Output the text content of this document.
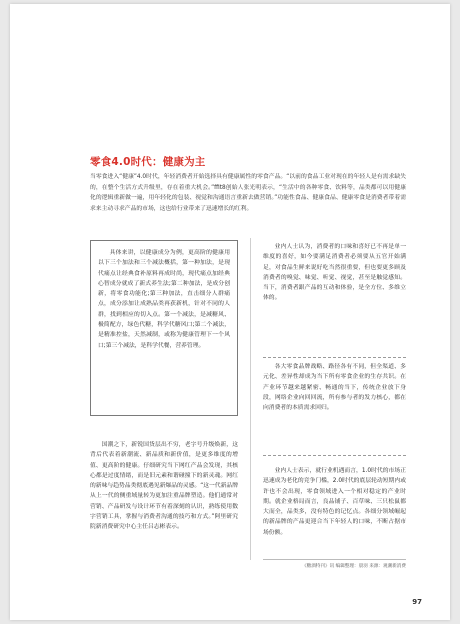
零食4.0时代：健康为主
当零食进入“健康”4.0时代，年轻消费者开始选择具有健康属性的零食产品。“以前的食品工业对现在的年轻人是有需求缺失的，在整个生活方式升级里，存在着重大机会。”ffit8创始人张光明表示，“生活中的各种零食、饮料等，品类都可以用健康化的逻辑重新做一遍，用年轻化的包装、视觉和沟通语言重新去做营销。”功能性食品、健康食品、健康零食是消费者带着需求来主动寻求产品的市场，这也给行业带来了迅速增长的红利。

具体来讲，以健康成分为例，更高阶的健康用以下三个加法和三个减法概括，第一种加法，是现代痛点让经典食补原料再成时尚，现代痛点加经典心智成分就成了新式养生法;第二种加法，是成分创新，将零食功能化;第三种加法，直击细分人群痛点，成分添加让成熟品类再获新机，针对不同的人群，找到相应的切入点。第一个减法，是减糖风、极简配方，绿色代糖，科学代糖风口;第二个减法，是精准控盐，天然减制，或称为健康管理下一个风口;第三个减法，是科学代餐，营养管理。

国潮之下，新锐国货层出不穷，老字号升级焕新，这背后代表着新潮流、新品质和新价值，是更多维度的增值、更高阶的健康。仔细研究当下网红产品会发现，其核心都是过度情绪，而是旧元素和谐碰撞下的新灵魂。网红的新味与趋势品类彻底遇见新爆品的灵感。“这一代新品牌从上一代的侧重域量转为更加注重品牌塑造。他们通常对营销、产品研发与设计环节有着深刻的认识，熟练使用数字营销工具，掌握与消费者沟通的技巧和方式。”阿里研究院新消费研究中心主任吕志彬表示。

业内人士认为，消费者的口味和喜好已不再是单一维度的喜好，如今要满足消费者必须要从五官开始满足，对食品生鲜来说好吃当然很重要，但也要更多顾及消费者的嗅觉、味觉、听觉、视觉，甚至是触觉感知。当下，消费者跟产品的互动和体验，是全方位、多维立体的。

各大零食品牌战略、路径各有不同，但全渠道、多元化、差异性却成为当下所有零食企业的生存共识。在产业环节越来越紧密、畅通的当下，传统企业放下身段，网络企业向回回流，所有参与者的发力核心，都在向消费者的本质需求回归。

业内人士表示，就行业机遇而言，1.0时代的市场正迅速成为老化的竞争门槛，2.0时代的底层轮动短期内或许也不会出现，零食领域进入一个相对稳定的产业时期。就企业格局而言，良品铺子、百草味、三只松鼠都大而全，品类多，没有特色的记忆点。各细分领域崛起的新品牌的产品更迎合当下年轻人的口味，不断占据市场份额。

《糖酒特刊》讯 编辑整理：晨羽 来源：观潮新消费
97
